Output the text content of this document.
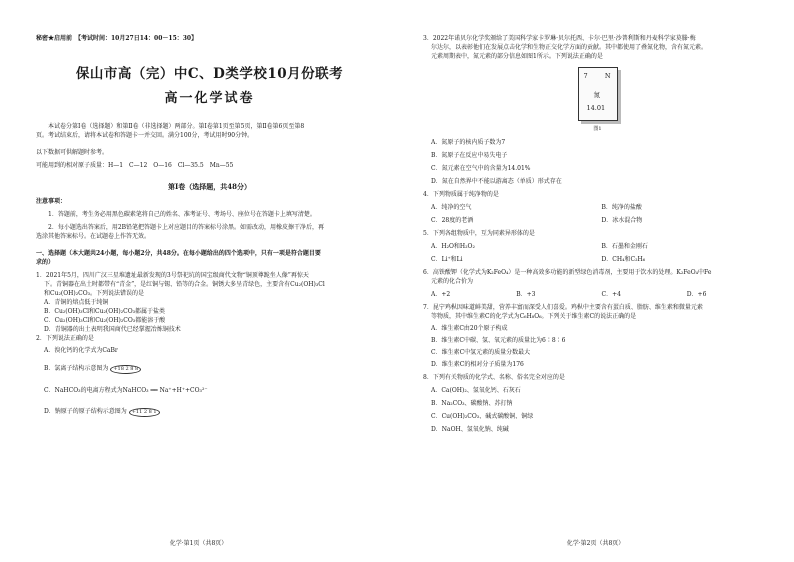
秘密★启用前　【考试时间：10月27日14：00－15：30】
保山市高（完）中C、D类学校10月份联考
高一化学试卷
本试卷分第Ⅰ卷（选择题）和第Ⅱ卷（非选择题）两部分。第Ⅰ卷第1页至第5页，第Ⅱ卷第6页至第8
页。考试结束后，请将本试卷和答题卡一并交回。满分100分，考试用时90分钟。
以下数据可供解题时参考。
可能用到的相对原子质量：H—1　C—12　O—16　Cl—35.5　Mn—55
第Ⅰ卷（选择题，共48分）
注意事项：
1．答题前，考生务必用黑色碳素笔将自己的姓名、准考证号、考场号、座位号在答题卡上填写清楚。
2．每小题选出答案后，用2B铅笔把答题卡上对应题目的答案标号涂黑。如需改动，用橡皮擦干净后，再
选涂其他答案标号。在试题卷上作答无效。
一、选择题（本大题共24小题，每小题2分，共48分。在每小题给出的四个选项中，只有一项是符合题目要
求的）
1．2021年5月，四川广汉三星堆遗址最新发现的3号祭祀坑的国宝级商代文物“铜顶尊跪坐人像”再惊天
下。青铜器在出土时都带有“青金”，是红铜与锡、铅等的合金。铜锈大多呈青绿色，主要含有Cu₂(OH)₃Cl
和Cu₂(OH)₂CO₃。下列说法错误的是
A．青铜的熔点低于纯铜
B．Cu₂(OH)₃Cl和Cu₂(OH)₂CO₃都属于盐类
C．Cu₂(OH)₃Cl和Cu₂(OH)₂CO₃都能溶于酸
D．青铜器的出土表明我国商代已经掌握冶炼铜技术
2．下列说法正确的是
A．溴化钙的化学式为CaBr
B．氯离子结构示意图为 +18 2 8 8
C．NaHCO₃的电离方程式为NaHCO₃ ══ Na⁺+H⁺+CO₃²⁻
D．钠原子的原子结构示意图为 +11 2 8 1
化学·第1页（共8页）
3．2022年诺贝尔化学奖颁给了美国科学家卡罗琳·贝尔托西、卡尔·巴里·沙普利斯和丹麦科学家莫滕·梅
尔达尔，以表彰他们在发展点击化学和生物正交化学方面的贡献。其中都使用了叠氮化物，含有氮元素。
元素周期表中，氮元素的部分信息如图1所示。下列说法正确的是
7	N
氮
14.01
图1
A．氮原子的核内质子数为7
B．氮原子在反应中易失电子
C．氮元素在空气中的含量为14.01%
D．氮在自然界中不能以游离态（单质）形式存在
4．下列物质属于纯净物的是
A．纯净的空气	B．纯净的盐酸
C．28度的老酒	D．冰水混合物
5．下列各组物质中，互为同素异形体的是
A．H₂O和H₂O₂	B．石墨和金刚石
C．Li⁺和Li	D．CH₄和C₂H₆
6．高铁酸钾（化学式为K₂FeO₄）是一种高效多功能的新型绿色消毒剂，主要用于饮水的处理。K₂FeO₄中Fe
元素的化合价为
A．+2	B．+3	C．+4	D．+6
7．昆宁鸡枞因味道鲜美甜，营养丰富而深受人们喜爱。鸡枞中主要含有蛋白质、脂肪、维生素和微量元素
等物质，其中维生素C的化学式为C₆H₈O₆。下列关于维生素C的说法正确的是
A．维生素C由20个原子构成
B．维生素C中碳、氢、氧元素的质量比为6∶8∶6
C．维生素C中氢元素的质量分数最大
D．维生素C的相对分子质量为176
8．下列有关物质的化学式、名称、俗名完全对应的是
A．Ca(OH)₂、氢氧化钙、石灰石
B．Na₂CO₃、碳酸钠、苏打钠
C．Cu(OH)₂CO₃、碱式碳酸铜、铜绿
D．NaOH、氢氧化钠、纯碱
化学·第2页（共8页）
